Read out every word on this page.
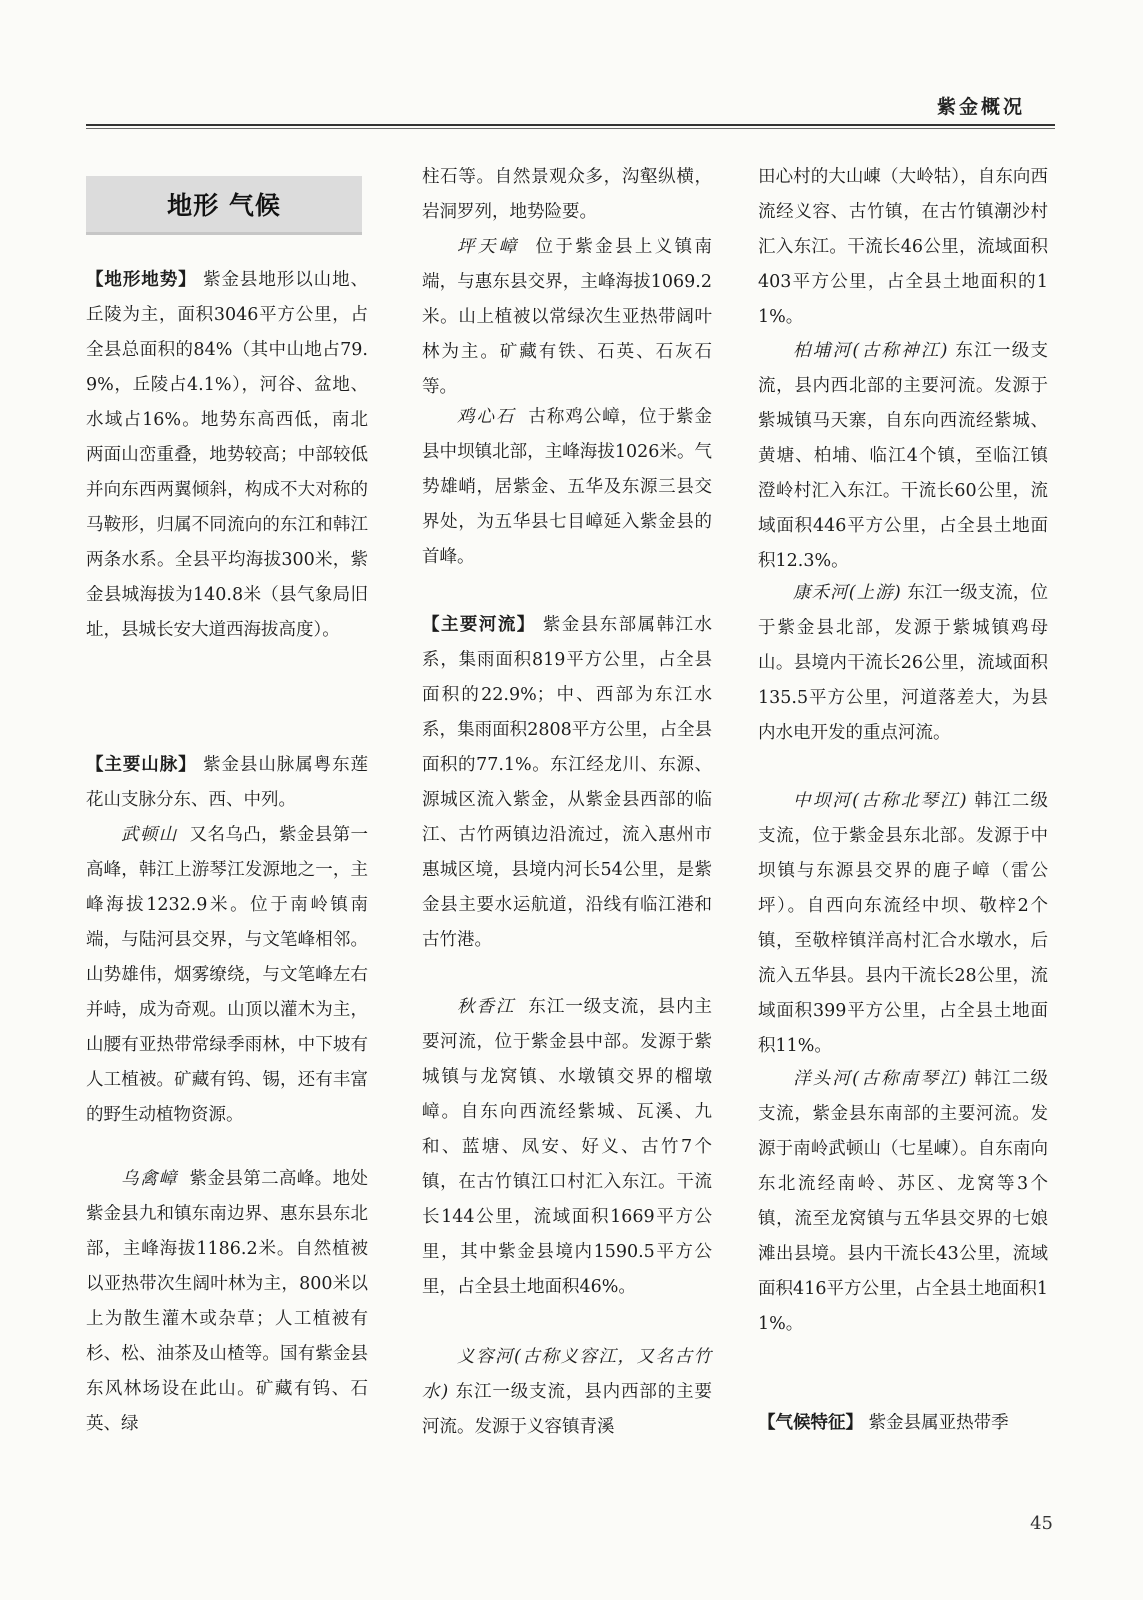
紫金概况
地形 气候

【地形地势】 紫金县地形以山地、丘陵为主，面积3046平方公里，占全县总面积的84%（其中山地占79.9%，丘陵占4.1%），河谷、盆地、水域占16%。地势东高西低，南北两面山峦重叠，地势较高；中部较低并向东西两翼倾斜，构成不大对称的马鞍形，归属不同流向的东江和韩江两条水系。全县平均海拔300米，紫金县城海拔为140.8米（县气象局旧址，县城长安大道西海拔高度）。

【主要山脉】 紫金县山脉属粤东莲花山支脉分东、西、中列。

武顿山 又名乌凸，紫金县第一高峰，韩江上游琴江发源地之一，主峰海拔1232.9米。位于南岭镇南端，与陆河县交界，与文笔峰相邻。山势雄伟，烟雾缭绕，与文笔峰左右并峙，成为奇观。山顶以灌木为主，山腰有亚热带常绿季雨林，中下坡有人工植被。矿藏有钨、锡，还有丰富的野生动植物资源。

乌禽嶂 紫金县第二高峰。地处紫金县九和镇东南边界、惠东县东北部，主峰海拔1186.2米。自然植被以亚热带次生阔叶林为主，800米以上为散生灌木或杂草；人工植被有杉、松、油茶及山楂等。国有紫金县东风林场设在此山。矿藏有钨、石英、绿

柱石等。自然景观众多，沟壑纵横，岩洞罗列，地势险要。

坪天嶂 位于紫金县上义镇南端，与惠东县交界，主峰海拔1069.2米。山上植被以常绿次生亚热带阔叶林为主。矿藏有铁、石英、石灰石等。

鸡心石 古称鸡公嶂，位于紫金县中坝镇北部，主峰海拔1026米。气势雄峭，居紫金、五华及东源三县交界处，为五华县七目嶂延入紫金县的首峰。

【主要河流】 紫金县东部属韩江水系，集雨面积819平方公里，占全县面积的22.9%；中、西部为东江水系，集雨面积2808平方公里，占全县面积的77.1%。东江经龙川、东源、源城区流入紫金，从紫金县西部的临江、古竹两镇边沿流过，流入惠州市惠城区境，县境内河长54公里，是紫金县主要水运航道，沿线有临江港和古竹港。

秋香江 东江一级支流，县内主要河流，位于紫金县中部。发源于紫城镇与龙窝镇、水墩镇交界的榴墩嶂。自东向西流经紫城、瓦溪、九和、蓝塘、凤安、好义、古竹7个镇，在古竹镇江口村汇入东江。干流长144公里，流域面积1669平方公里，其中紫金县境内1590.5平方公里，占全县土地面积46%。

义容河(古称义容江，又名古竹水) 东江一级支流，县内西部的主要河流。发源于义容镇青溪

田心村的大山崠（大岭牯），自东向西流经义容、古竹镇，在古竹镇潮沙村汇入东江。干流长46公里，流域面积403平方公里，占全县土地面积的11%。

柏埔河(古称神江) 东江一级支流，县内西北部的主要河流。发源于紫城镇马天寨，自东向西流经紫城、黄塘、柏埔、临江4个镇，至临江镇澄岭村汇入东江。干流长60公里，流域面积446平方公里，占全县土地面积12.3%。

康禾河(上游) 东江一级支流，位于紫金县北部，发源于紫城镇鸡母山。县境内干流长26公里，流域面积135.5平方公里，河道落差大，为县内水电开发的重点河流。

中坝河(古称北琴江) 韩江二级支流，位于紫金县东北部。发源于中坝镇与东源县交界的鹿子嶂（雷公坪）。自西向东流经中坝、敬梓2个镇，至敬梓镇洋高村汇合水墩水，后流入五华县。县内干流长28公里，流域面积399平方公里，占全县土地面积11%。

洋头河(古称南琴江) 韩江二级支流，紫金县东南部的主要河流。发源于南岭武顿山（七星崠）。自东南向东北流经南岭、苏区、龙窝等3个镇，流至龙窝镇与五华县交界的七娘滩出县境。县内干流长43公里，流域面积416平方公里，占全县土地面积11%。

【气候特征】 紫金县属亚热带季

45
